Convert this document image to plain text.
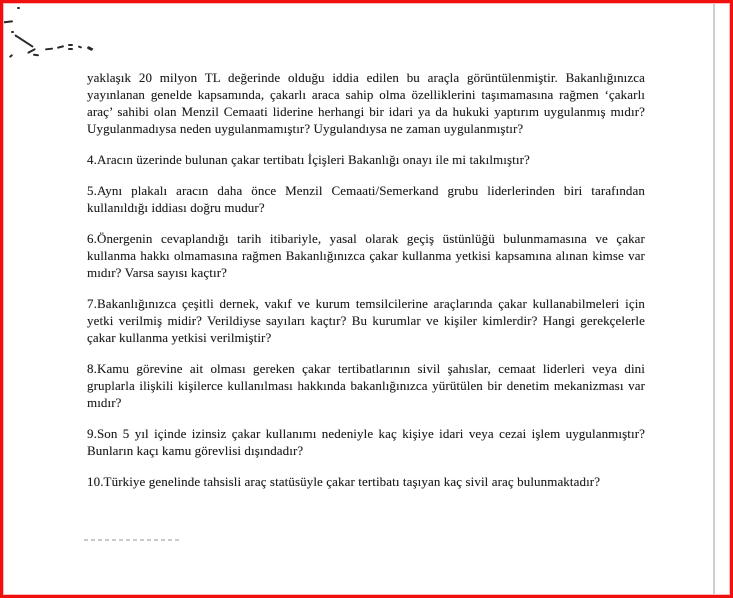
yaklaşık 20 milyon TL değerinde olduğu iddia edilen bu araçla görüntülenmiştir. Bakanlığınızca yayınlanan genelde kapsamında, çakarlı araca sahip olma özelliklerini taşımamasına rağmen ‘çakarlı araç’ sahibi olan Menzil Cemaati liderine herhangi bir idari ya da hukuki yaptırım uygulanmış mıdır? Uygulanmadıysa neden uygulanmamıştır? Uygulandıysa ne zaman uygulanmıştır?

4.Aracın üzerinde bulunan çakar tertibatı İçişleri Bakanlığı onayı ile mi takılmıştır?

5.Aynı plakalı aracın daha önce Menzil Cemaati/Semerkand grubu liderlerinden biri tarafından kullanıldığı iddiası doğru mudur?

6.Önergenin cevaplandığı tarih itibariyle, yasal olarak geçiş üstünlüğü bulunmamasına ve çakar kullanma hakkı olmamasına rağmen Bakanlığınızca çakar kullanma yetkisi kapsamına alınan kimse var mıdır? Varsa sayısı kaçtır?

7.Bakanlığınızca çeşitli dernek, vakıf ve kurum temsilcilerine araçlarında çakar kullanabilmeleri için yetki verilmiş midir? Verildiyse sayıları kaçtır? Bu kurumlar ve kişiler kimlerdir? Hangi gerekçelerle çakar kullanma yetkisi verilmiştir?

8.Kamu görevine ait olması gereken çakar tertibatlarının sivil şahıslar, cemaat liderleri veya dini gruplarla ilişkili kişilerce kullanılması hakkında bakanlığınızca yürütülen bir denetim mekanizması var mıdır?

9.Son 5 yıl içinde izinsiz çakar kullanımı nedeniyle kaç kişiye idari veya cezai işlem uygulanmıştır? Bunların kaçı kamu görevlisi dışındadır?

10.Türkiye genelinde tahsisli araç statüsüyle çakar tertibatı taşıyan kaç sivil araç bulunmaktadır?
